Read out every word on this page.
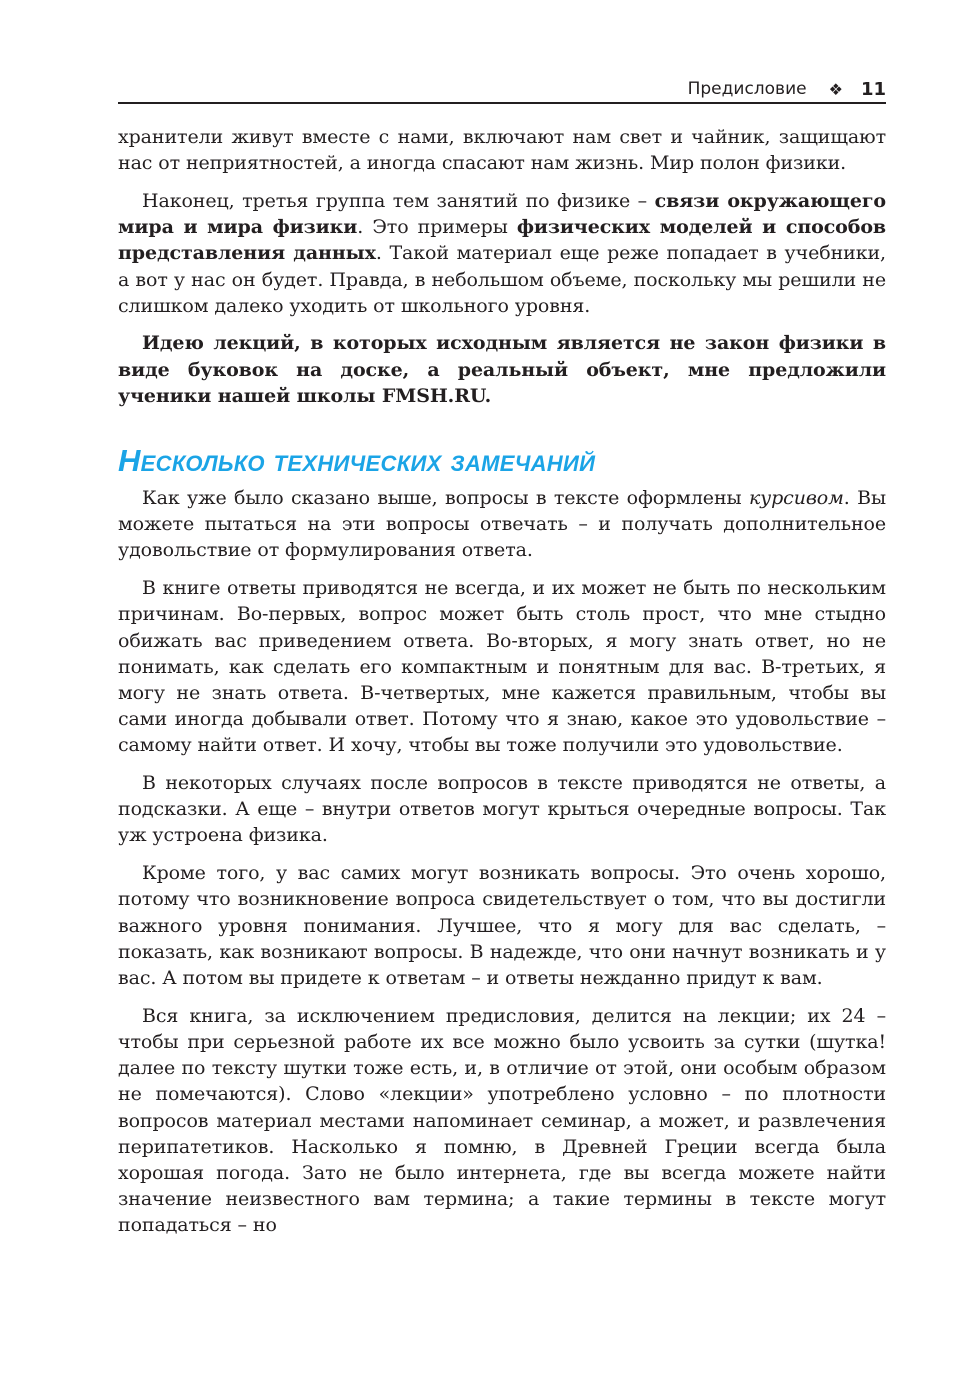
Предисловие ❖ 11

хранители живут вместе с нами, включают нам свет и чайник, защищают нас от неприятностей, а иногда спасают нам жизнь. Мир полон физики.

Наконец, третья группа тем занятий по физике – связи окружающего мира и мира физики. Это примеры физических моделей и способов представления данных. Такой материал еще реже попадает в учебники, а вот у нас он будет. Правда, в небольшом объеме, поскольку мы решили не слишком далеко уходить от школьного уровня.

Идею лекций, в которых исходным является не закон физики в виде буковок на доске, а реальный объект, мне предложили ученики нашей школы FMSH.RU.

Несколько технических замечаний

Как уже было сказано выше, вопросы в тексте оформлены курсивом. Вы можете пытаться на эти вопросы отвечать – и получать дополнительное удовольствие от формулирования ответа.

В книге ответы приводятся не всегда, и их может не быть по нескольким причинам. Во-первых, вопрос может быть столь прост, что мне стыдно обижать вас приведением ответа. Во-вторых, я могу знать ответ, но не понимать, как сделать его компактным и понятным для вас. В-третьих, я могу не знать ответа. В-четвертых, мне кажется правильным, чтобы вы сами иногда добывали ответ. Потому что я знаю, какое это удовольствие – самому найти ответ. И хочу, чтобы вы тоже получили это удовольствие.

В некоторых случаях после вопросов в тексте приводятся не ответы, а подсказки. А еще – внутри ответов могут крыться очередные вопросы. Так уж устроена физика.

Кроме того, у вас самих могут возникать вопросы. Это очень хорошо, потому что возникновение вопроса свидетельствует о том, что вы достигли важного уровня понимания. Лучшее, что я могу для вас сделать, – показать, как возникают вопросы. В надежде, что они начнут возникать и у вас. А потом вы придете к ответам – и ответы нежданно придут к вам.

Вся книга, за исключением предисловия, делится на лекции; их 24 – чтобы при серьезной работе их все можно было усвоить за сутки (шутка! далее по тексту шутки тоже есть, и, в отличие от этой, они особым образом не помечаются). Слово «лекции» употреблено условно – по плотности вопросов материал местами напоминает семинар, а может, и развлечения перипатетиков. Насколько я помню, в Древней Греции всегда была хорошая погода. Зато не было интернета, где вы всегда можете найти значение неизвестного вам термина; а такие термины в тексте могут попадаться – но
